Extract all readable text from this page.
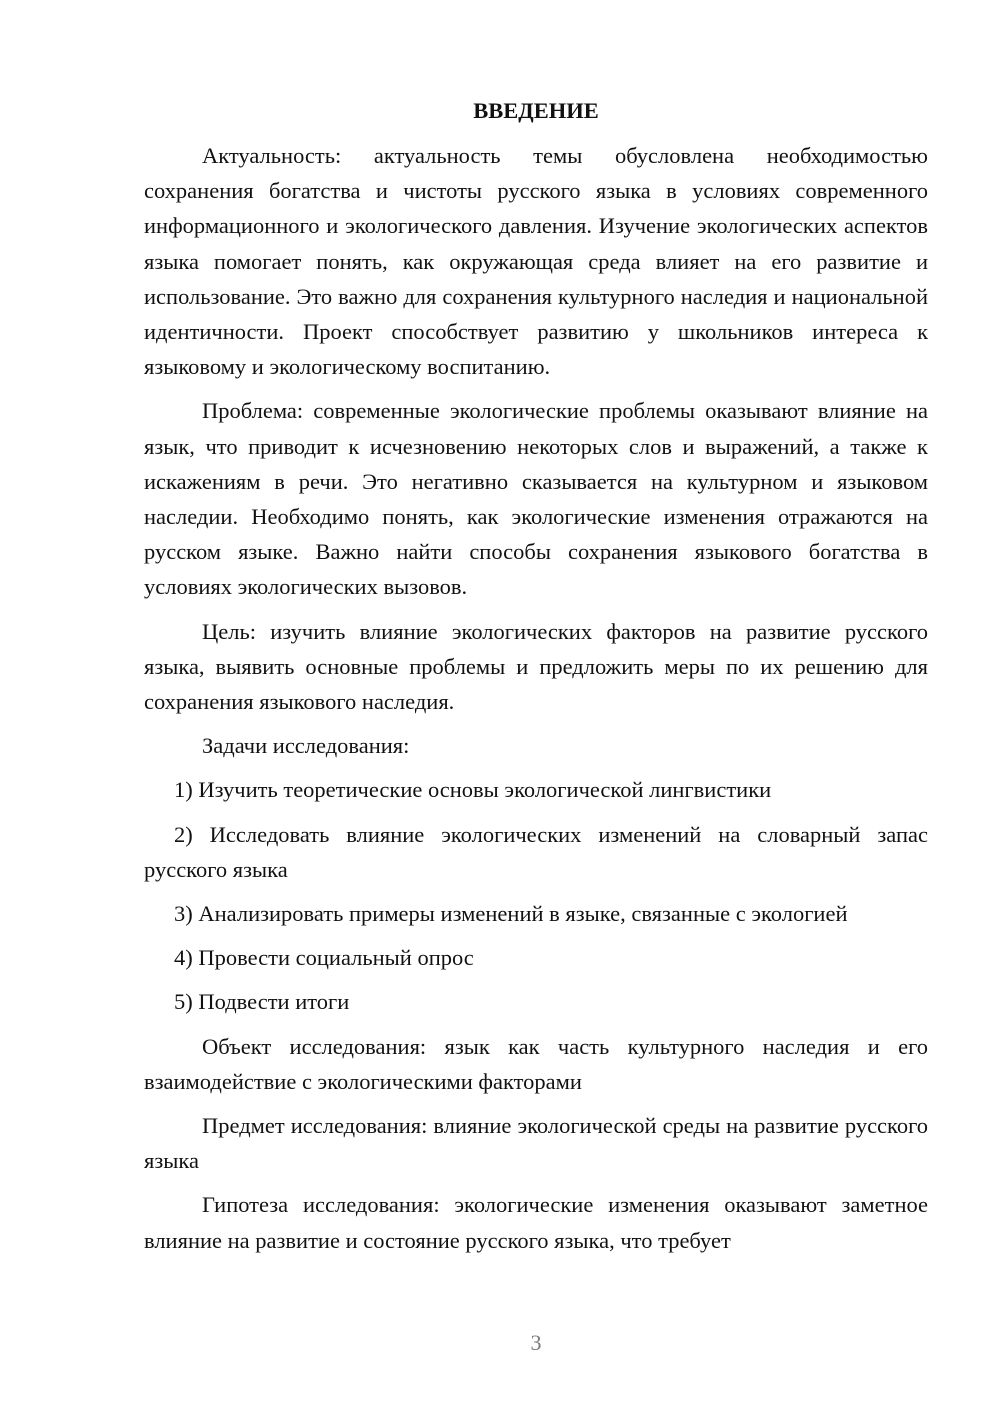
ВВЕДЕНИЕ

Актуальность: актуальность темы обусловлена необходимостью сохранения богатства и чистоты русского языка в условиях современного информационного и экологического давления. Изучение экологических аспектов языка помогает понять, как окружающая среда влияет на его развитие и использование. Это важно для сохранения культурного наследия и национальной идентичности. Проект способствует развитию у школьников интереса к языковому и экологическому воспитанию.

Проблема: современные экологические проблемы оказывают влияние на язык, что приводит к исчезновению некоторых слов и выражений, а также к искажениям в речи. Это негативно сказывается на культурном и языковом наследии. Необходимо понять, как экологические изменения отражаются на русском языке. Важно найти способы сохранения языкового богатства в условиях экологических вызовов.

Цель: изучить влияние экологических факторов на развитие русского языка, выявить основные проблемы и предложить меры по их решению для сохранения языкового наследия.

Задачи исследования:

1) Изучить теоретические основы экологической лингвистики

2) Исследовать влияние экологических изменений на словарный запас русского языка

3) Анализировать примеры изменений в языке, связанные с экологией

4) Провести социальный опрос

5) Подвести итоги

Объект исследования: язык как часть культурного наследия и его взаимодействие с экологическими факторами

Предмет исследования: влияние экологической среды на развитие русского языка

Гипотеза исследования: экологические изменения оказывают заметное влияние на развитие и состояние русского языка, что требует

3
